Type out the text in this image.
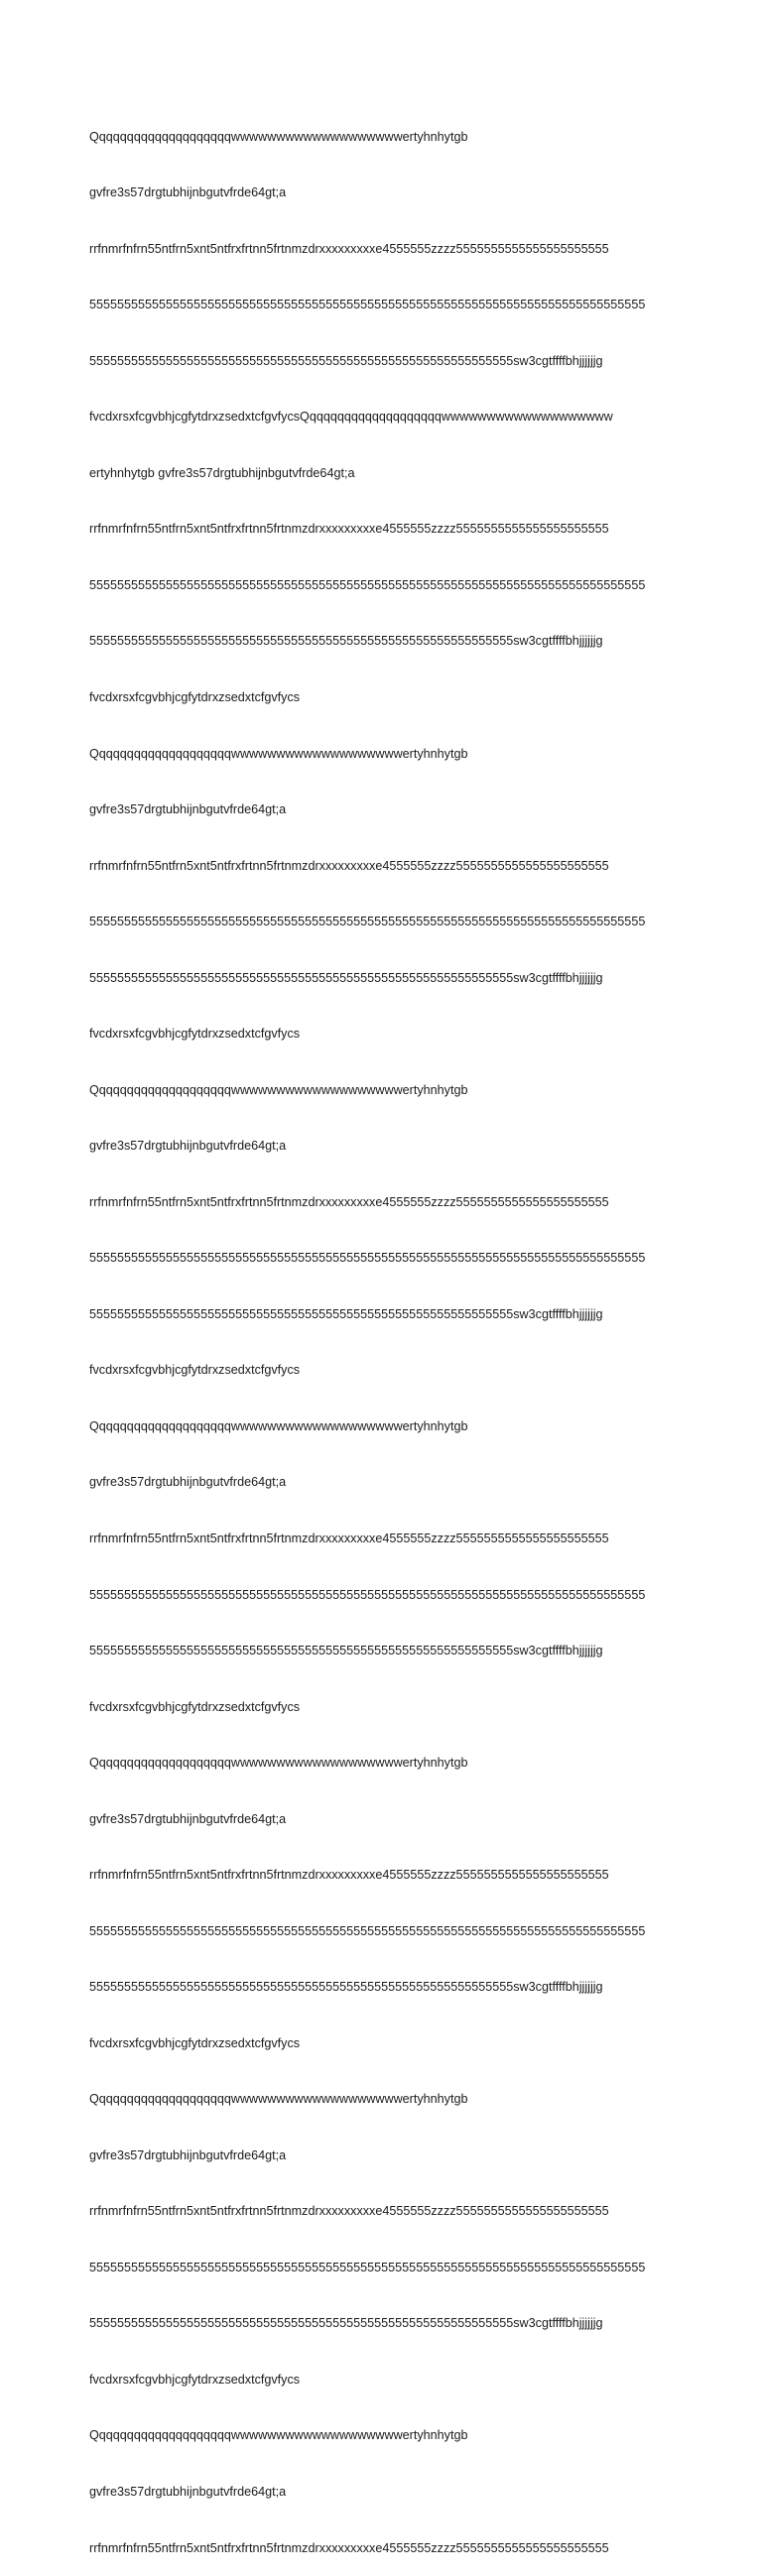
Qqqqqqqqqqqqqqqqqqqqwwwwwwwwwwwwwwwwwwwertyhnhytgb

gvfre3s57drgtubhijnbgutvfrde64gt;a

rrfnmrfnfrn55ntfrn5xnt5ntfrxfrtnn5frtnmzdrxxxxxxxxxe4555555zzzz5555555555555555555555

55555555555555555555555555555555555555555555555555555555555555555555555555555555

5555555555555555555555555555555555555555555555555555555555555sw3cgtffffbhjjjjjjg

fvcdxrsxfcgvbhjcgfytdrxzsedxtcfgvfycsQqqqqqqqqqqqqqqqqqqqwwwwwwwwwwwwwwwwwww

ertyhnhytgb gvfre3s57drgtubhijnbgutvfrde64gt;a

rrfnmrfnfrn55ntfrn5xnt5ntfrxfrtnn5frtnmzdrxxxxxxxxxe4555555zzzz5555555555555555555555

55555555555555555555555555555555555555555555555555555555555555555555555555555555

5555555555555555555555555555555555555555555555555555555555555sw3cgtffffbhjjjjjjg

fvcdxrsxfcgvbhjcgfytdrxzsedxtcfgvfycs

Qqqqqqqqqqqqqqqqqqqqwwwwwwwwwwwwwwwwwwwertyhnhytgb

gvfre3s57drgtubhijnbgutvfrde64gt;a

rrfnmrfnfrn55ntfrn5xnt5ntfrxfrtnn5frtnmzdrxxxxxxxxxe4555555zzzz5555555555555555555555

55555555555555555555555555555555555555555555555555555555555555555555555555555555

5555555555555555555555555555555555555555555555555555555555555sw3cgtffffbhjjjjjjg

fvcdxrsxfcgvbhjcgfytdrxzsedxtcfgvfycs

Qqqqqqqqqqqqqqqqqqqqwwwwwwwwwwwwwwwwwwwertyhnhytgb

gvfre3s57drgtubhijnbgutvfrde64gt;a

rrfnmrfnfrn55ntfrn5xnt5ntfrxfrtnn5frtnmzdrxxxxxxxxxe4555555zzzz5555555555555555555555

55555555555555555555555555555555555555555555555555555555555555555555555555555555

5555555555555555555555555555555555555555555555555555555555555sw3cgtffffbhjjjjjjg

fvcdxrsxfcgvbhjcgfytdrxzsedxtcfgvfycs

Qqqqqqqqqqqqqqqqqqqqwwwwwwwwwwwwwwwwwwwertyhnhytgb

gvfre3s57drgtubhijnbgutvfrde64gt;a

rrfnmrfnfrn55ntfrn5xnt5ntfrxfrtnn5frtnmzdrxxxxxxxxxe4555555zzzz5555555555555555555555

55555555555555555555555555555555555555555555555555555555555555555555555555555555

5555555555555555555555555555555555555555555555555555555555555sw3cgtffffbhjjjjjjg

fvcdxrsxfcgvbhjcgfytdrxzsedxtcfgvfycs

Qqqqqqqqqqqqqqqqqqqqwwwwwwwwwwwwwwwwwwwertyhnhytgb

gvfre3s57drgtubhijnbgutvfrde64gt;a

rrfnmrfnfrn55ntfrn5xnt5ntfrxfrtnn5frtnmzdrxxxxxxxxxe4555555zzzz5555555555555555555555

55555555555555555555555555555555555555555555555555555555555555555555555555555555

5555555555555555555555555555555555555555555555555555555555555sw3cgtffffbhjjjjjjg

fvcdxrsxfcgvbhjcgfytdrxzsedxtcfgvfycs

Qqqqqqqqqqqqqqqqqqqqwwwwwwwwwwwwwwwwwwwertyhnhytgb

gvfre3s57drgtubhijnbgutvfrde64gt;a

rrfnmrfnfrn55ntfrn5xnt5ntfrxfrtnn5frtnmzdrxxxxxxxxxe4555555zzzz5555555555555555555555

55555555555555555555555555555555555555555555555555555555555555555555555555555555

5555555555555555555555555555555555555555555555555555555555555sw3cgtffffbhjjjjjjg

fvcdxrsxfcgvbhjcgfytdrxzsedxtcfgvfycs

Qqqqqqqqqqqqqqqqqqqqwwwwwwwwwwwwwwwwwwwertyhnhytgb

gvfre3s57drgtubhijnbgutvfrde64gt;a

rrfnmrfnfrn55ntfrn5xnt5ntfrxfrtnn5frtnmzdrxxxxxxxxxe4555555zzzz5555555555555555555555
